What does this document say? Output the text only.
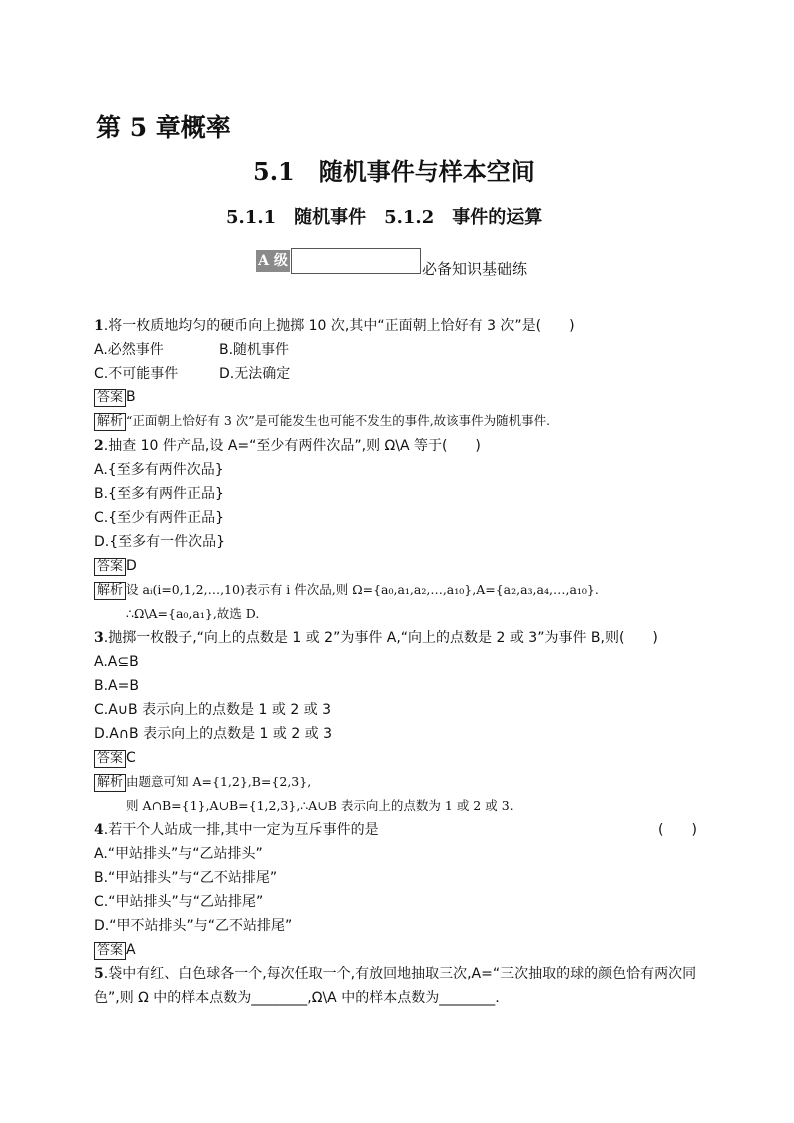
第 5 章概率
5.1　随机事件与样本空间
5.1.1　随机事件　5.1.2　事件的运算
A 级	必备知识基础练
1.将一枚质地均匀的硬币向上抛掷 10 次,其中“正面朝上恰好有 3 次”是(　　)
A.必然事件	B.随机事件
C.不可能事件	D.无法确定
答案 B
解析 “正面朝上恰好有 3 次”是可能发生也可能不发生的事件,故该事件为随机事件.
2.抽查 10 件产品,设 A=“至少有两件次品”,则 Ω\A 等于(　　)
A.{至多有两件次品}
B.{至多有两件正品}
C.{至少有两件正品}
D.{至多有一件次品}
答案 D
解析 设 aᵢ(i=0,1,2,…,10)表示有 i 件次品,则 Ω={a₀,a₁,a₂,…,a₁₀},A={a₂,a₃,a₄,…,a₁₀}.
∴Ω\A={a₀,a₁},故选 D.
3.抛掷一枚骰子,“向上的点数是 1 或 2”为事件 A,“向上的点数是 2 或 3”为事件 B,则(　　)
A.A⊆B
B.A=B
C.A∪B 表示向上的点数是 1 或 2 或 3
D.A∩B 表示向上的点数是 1 或 2 或 3
答案 C
解析 由题意可知 A={1,2},B={2,3},
则 A∩B={1},A∪B={1,2,3},∴A∪B 表示向上的点数为 1 或 2 或 3.
4.若干个人站成一排,其中一定为互斥事件的是	(　　)
A.“甲站排头”与“乙站排头”
B.“甲站排头”与“乙不站排尾”
C.“甲站排头”与“乙站排尾”
D.“甲不站排头”与“乙不站排尾”
答案 A
5.袋中有红、白色球各一个,每次任取一个,有放回地抽取三次,A=“三次抽取的球的颜色恰有两次同
色”,则 Ω 中的样本点数为________,Ω\A 中的样本点数为________.
